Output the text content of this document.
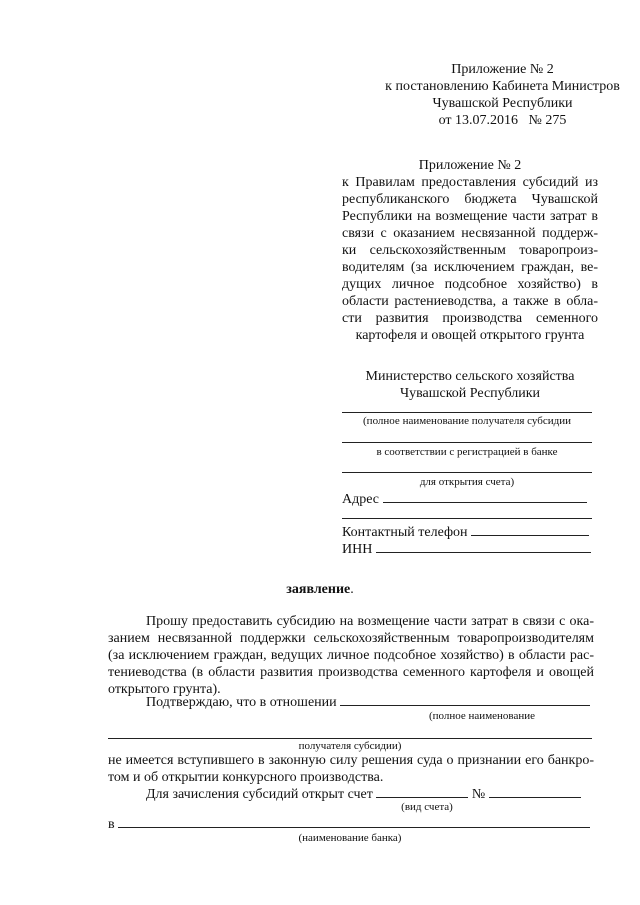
Приложение № 2
к постановлению Кабинета Министров
Чувашской Республики
от 13.07.2016   № 275
Приложение № 2
к Правилам предоставления субсидий из
республиканского бюджета Чувашской
Республики на возмещение части затрат в
связи с оказанием несвязанной поддерж-
ки сельскохозяйственным товаропроиз-
водителям (за исключением граждан, ве-
дущих личное подсобное хозяйство) в
области растениеводства, а также в обла-
сти развития производства семенного
картофеля и овощей открытого грунта
Министерство сельского хозяйства
Чувашской Республики
(полное наименование получателя субсидии
в соответствии с регистрацией в банке
для открытия счета)
Адрес
Контактный телефон
ИНН
заявление.
Прошу предоставить субсидию на возмещение части затрат в связи с ока-
занием несвязанной поддержки сельскохозяйственным товаропроизводителям
(за исключением граждан, ведущих личное подсобное хозяйство) в области рас-
тениеводства (в области развития производства семенного картофеля и овощей
открытого грунта).
Подтверждаю, что в отношении
(полное наименование
получателя субсидии)
не имеется вступившего в законную силу решения суда о признании его банкро-
том и об открытии конкурсного производства.
Для зачисления субсидий открыт счет	№
(вид счета)
в
(наименование банка)
